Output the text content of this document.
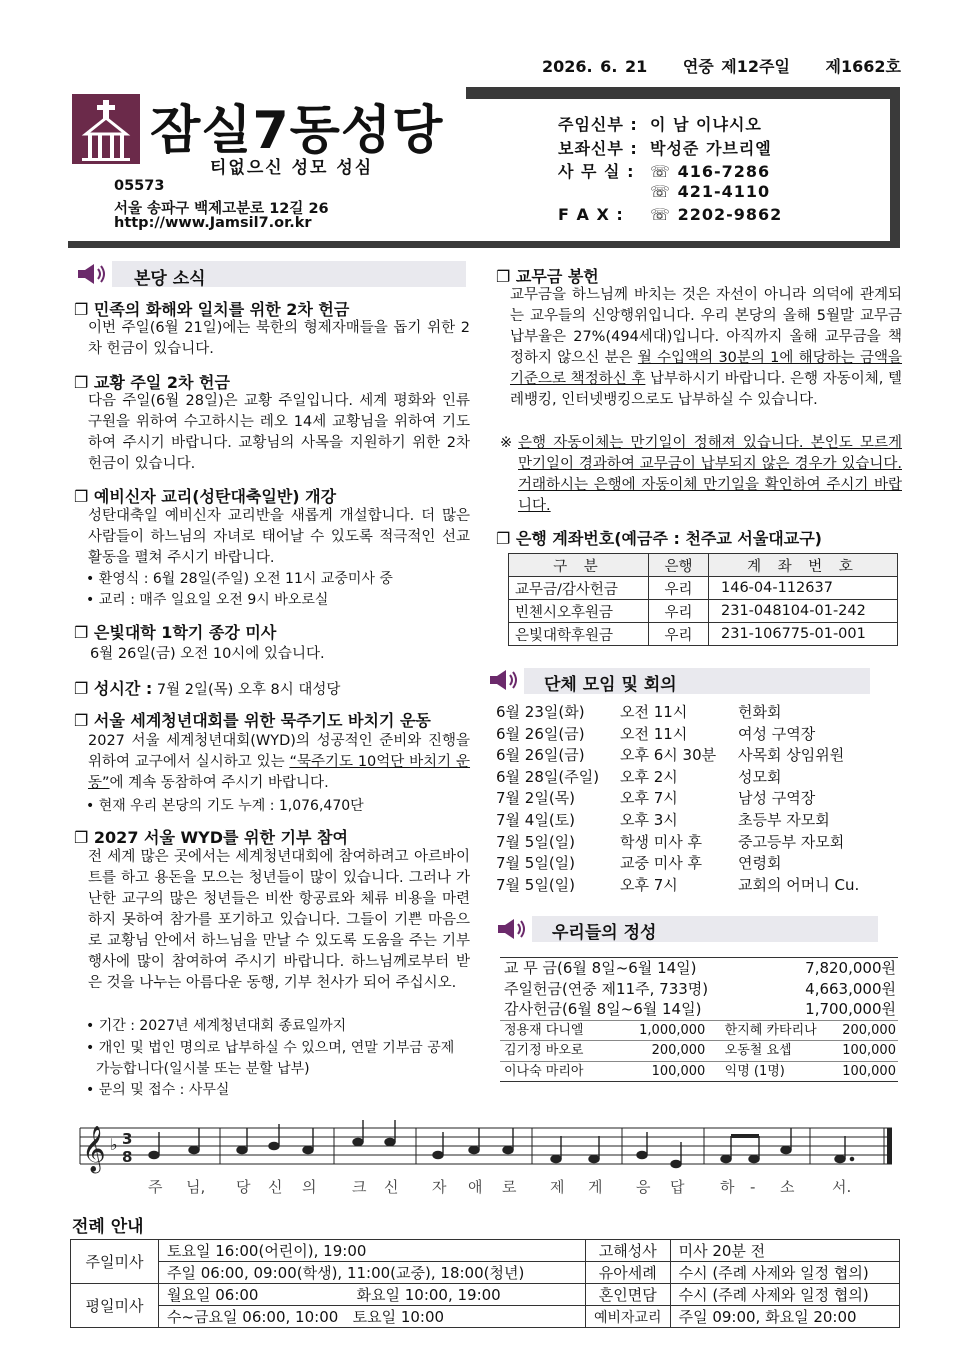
2026. 6. 21 연중 제12주일 제1662호
잠실7동성당
티없으신 성모 성심
05573
서울 송파구 백제고분로 12길 26
http://www.Jamsil7.or.kr
주임신부 : 이 남 이냐시오
보좌신부 : 박성준 가브리엘
사 무 실 : ☏ 416-7286
☏ 421-4110
F A X : ☏ 2202-9862
본당 소식
❐ 민족의 화해와 일치를 위한 2차 헌금
이번 주일(6월 21일)에는 북한의 형제자매들을 돕기 위한 2차 헌금이 있습니다.
❐ 교황 주일 2차 헌금
다음 주일(6월 28일)은 교황 주일입니다. 세계 평화와 인류 구원을 위하여 수고하시는 레오 14세 교황님을 위하여 기도하여 주시기 바랍니다. 교황님의 사목을 지원하기 위한 2차 헌금이 있습니다.
❐ 예비신자 교리(성탄대축일반) 개강
성탄대축일 예비신자 교리반을 새롭게 개설합니다. 더 많은 사람들이 하느님의 자녀로 태어날 수 있도록 적극적인 선교활동을 펼쳐 주시기 바랍니다.
• 환영식 : 6월 28일(주일) 오전 11시 교중미사 중
• 교리 : 매주 일요일 오전 9시 바오로실
❐ 은빛대학 1학기 종강 미사
6월 26일(금) 오전 10시에 있습니다.
❐ 성시간 : 7월 2일(목) 오후 8시 대성당
❐ 서울 세계청년대회를 위한 묵주기도 바치기 운동
2027 서울 세계청년대회(WYD)의 성공적인 준비와 진행을 위하여 교구에서 실시하고 있는 “묵주기도 10억단 바치기 운동”에 계속 동참하여 주시기 바랍니다.
• 현재 우리 본당의 기도 누계 : 1,076,470단
❐ 2027 서울 WYD를 위한 기부 참여
전 세계 많은 곳에서는 세계청년대회에 참여하려고 아르바이트를 하고 용돈을 모으는 청년들이 많이 있습니다. 그러나 가난한 교구의 많은 청년들은 비싼 항공료와 체류 비용을 마련하지 못하여 참가를 포기하고 있습니다. 그들이 기쁜 마음으로 교황님 안에서 하느님을 만날 수 있도록 도움을 주는 기부 행사에 많이 참여하여 주시기 바랍니다. 하느님께로부터 받은 것을 나누는 아름다운 동행, 기부 천사가 되어 주십시오.
• 기간 : 2027년 세계청년대회 종료일까지
• 개인 및 법인 명의로 납부하실 수 있으며, 연말 기부금 공제 가능합니다(일시불 또는 분할 납부)
• 문의 및 접수 : 사무실
❐ 교무금 봉헌
교무금을 하느님께 바치는 것은 자선이 아니라 의덕에 관계되는 교우들의 신앙행위입니다. 우리 본당의 올해 5월말 교무금 납부율은 27%(494세대)입니다. 아직까지 올해 교무금을 책정하지 않으신 분은 월 수입액의 30분의 1에 해당하는 금액을 기준으로 책정하신 후 납부하시기 바랍니다. 은행 자동이체, 텔레뱅킹, 인터넷뱅킹으로도 납부하실 수 있습니다.
※ 은행 자동이체는 만기일이 정해져 있습니다. 본인도 모르게 만기일이 경과하여 교무금이 납부되지 않은 경우가 있습니다. 거래하시는 은행에 자동이체 만기일을 확인하여 주시기 바랍니다.
❐ 은행 계좌번호(예금주 : 천주교 서울대교구)
구 분	은행	계 좌 번 호
교무금/감사헌금	우리	146-04-112637
빈첸시오후원금	우리	231-048104-01-242
은빛대학후원금	우리	231-106775-01-001
단체 모임 및 회의
6월 23일(화)	오전 11시	헌화회
6월 26일(금)	오전 11시	여성 구역장
6월 26일(금)	오후 6시 30분	사목회 상임위원
6월 28일(주일)	오후 2시	성모회
7월 2일(목)	오후 7시	남성 구역장
7월 4일(토)	오후 3시	초등부 자모회
7월 5일(일)	학생 미사 후	중고등부 자모회
7월 5일(일)	교중 미사 후	연령회
7월 5일(일)	오후 7시	교회의 어머니 Cu.
우리들의 정성
교 무 금(6월 8일~6월 14일)	7,820,000원
주일헌금(연중 제11주, 733명)	4,663,000원
감사헌금(6월 8일~6월 14일)	1,700,000원
정용재 다니엘	1,000,000	한지혜 카타리나	200,000
김기정 바오로	200,000	오동철 요셉	100,000
이나숙 마리아	100,000	익명 (1명)	100,000
𝄞 ♭ 3
8
주 님, 당 신 의 크 신 자 애 로 제 게 응 답 하 - 소	서.
전례 안내
주일미사	토요일 16:00(어린이), 19:00		고해성사	미사 20분 전
	주일 06:00, 09:00(학생), 11:00(교중), 18:00(청년)		유아세례	수시 (주례 사제와 일정 협의)
평일미사	월요일 06:00	화요일 10:00, 19:00	혼인면담	수시 (주례 사제와 일정 협의)
	수~금요일 06:00, 10:00   토요일 10:00		예비자교리	주일 09:00, 화요일 20:00
